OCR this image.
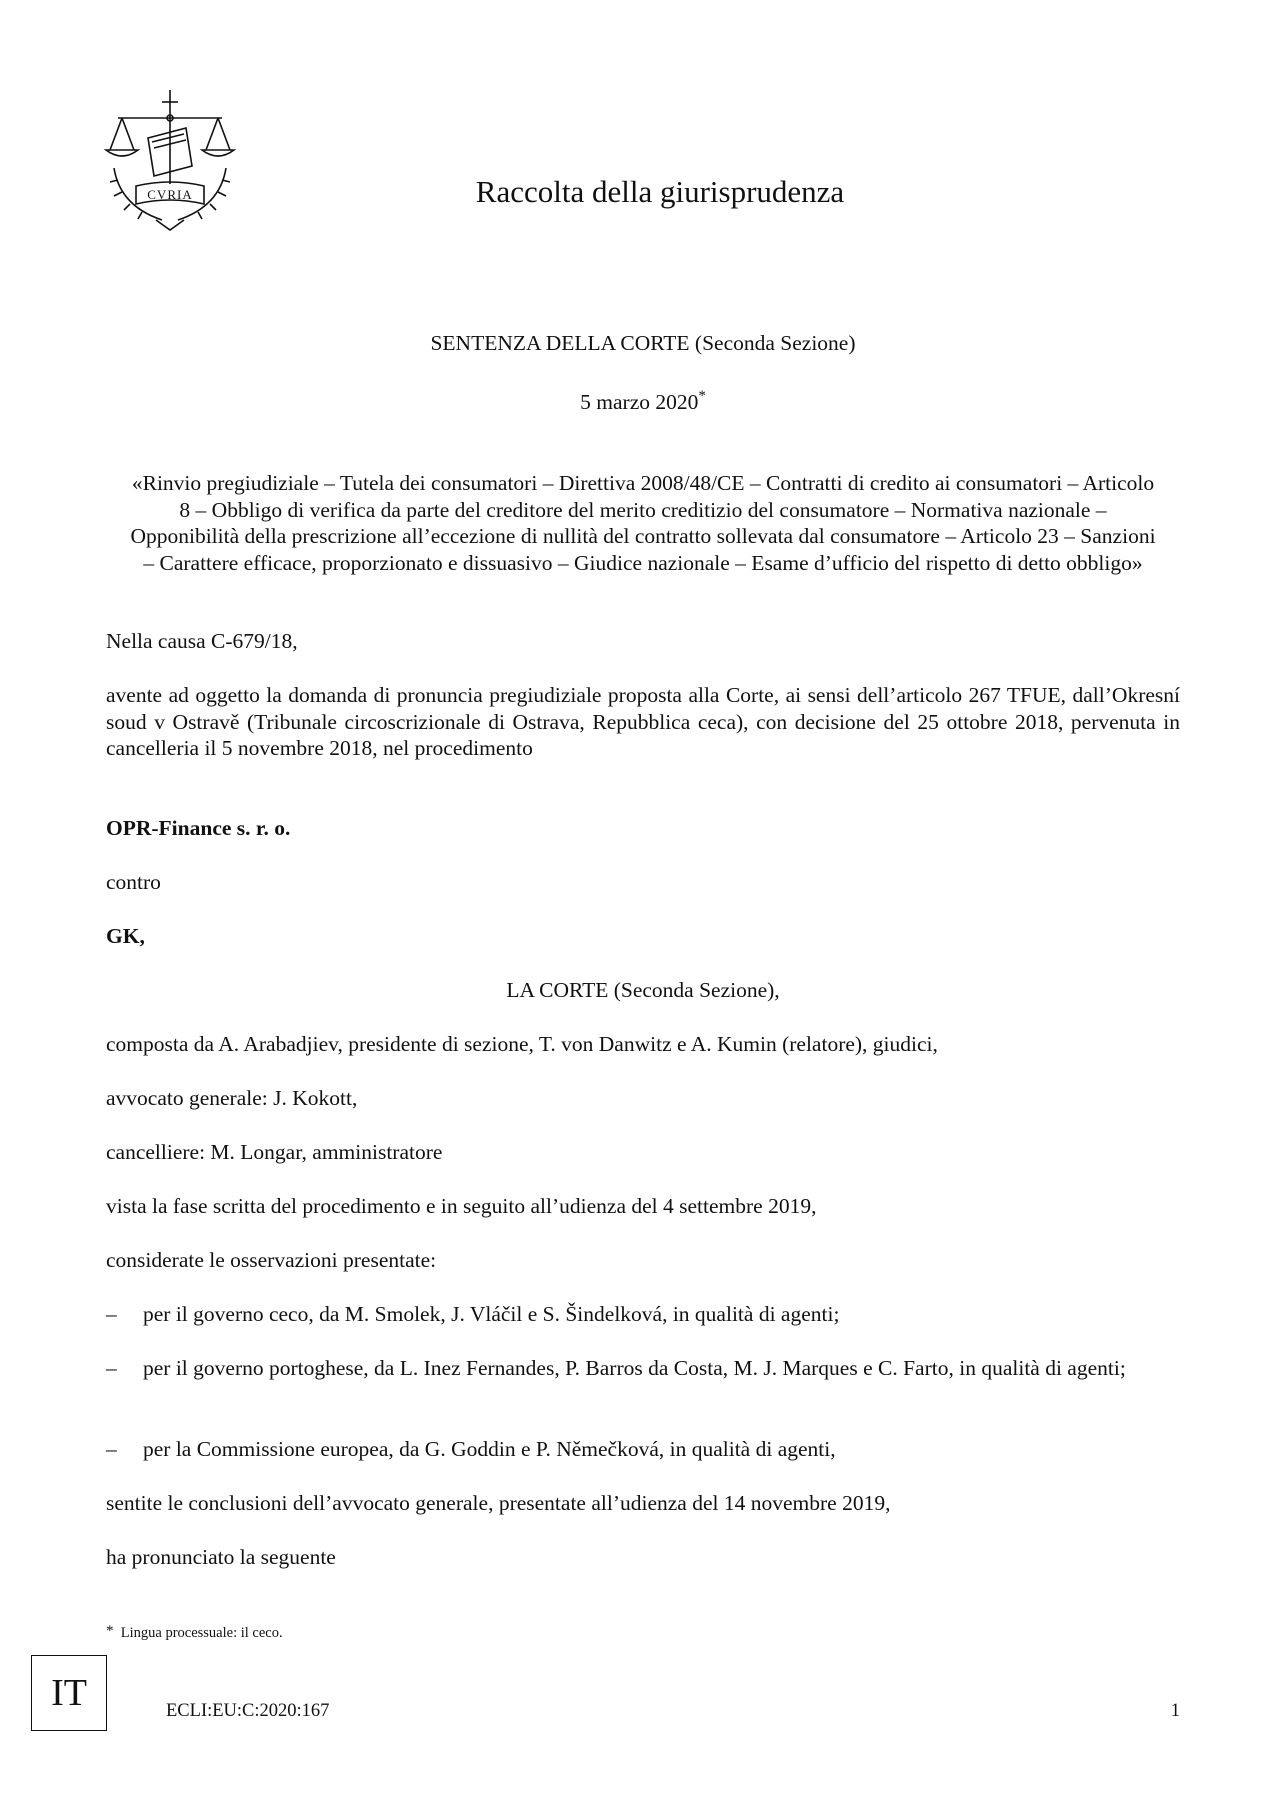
CVRIA	Raccolta della giurisprudenza
SENTENZA DELLA CORTE (Seconda Sezione)
5 marzo 2020*
«Rinvio pregiudiziale – Tutela dei consumatori – Direttiva 2008/48/CE – Contratti di credito ai consumatori – Articolo 8 – Obbligo di verifica da parte del creditore del merito creditizio del consumatore – Normativa nazionale – Opponibilità della prescrizione all’eccezione di nullità del contratto sollevata dal consumatore – Articolo 23 – Sanzioni – Carattere efficace, proporzionato e dissuasivo – Giudice nazionale – Esame d’ufficio del rispetto di detto obbligo»
Nella causa C-679/18,
avente ad oggetto la domanda di pronuncia pregiudiziale proposta alla Corte, ai sensi dell’articolo 267 TFUE, dall’Okresní soud v Ostravě (Tribunale circoscrizionale di Ostrava, Repubblica ceca), con decisione del 25 ottobre 2018, pervenuta in cancelleria il 5 novembre 2018, nel procedimento
OPR-Finance s. r. o.
contro
GK,
LA CORTE (Seconda Sezione),
composta da A. Arabadjiev, presidente di sezione, T. von Danwitz e A. Kumin (relatore), giudici,
avvocato generale: J. Kokott,
cancelliere: M. Longar, amministratore
vista la fase scritta del procedimento e in seguito all’udienza del 4 settembre 2019,
considerate le osservazioni presentate:
– per il governo ceco, da M. Smolek, J. Vláčil e S. Šindelková, in qualità di agenti;
– per il governo portoghese, da L. Inez Fernandes, P. Barros da Costa, M. J. Marques e C. Farto, in qualità di agenti;
– per la Commissione europea, da G. Goddin e P. Němečková, in qualità di agenti,
sentite le conclusioni dell’avvocato generale, presentate all’udienza del 14 novembre 2019,
ha pronunciato la seguente
* Lingua processuale: il ceco.
IT	ECLI:EU:C:2020:167	1
